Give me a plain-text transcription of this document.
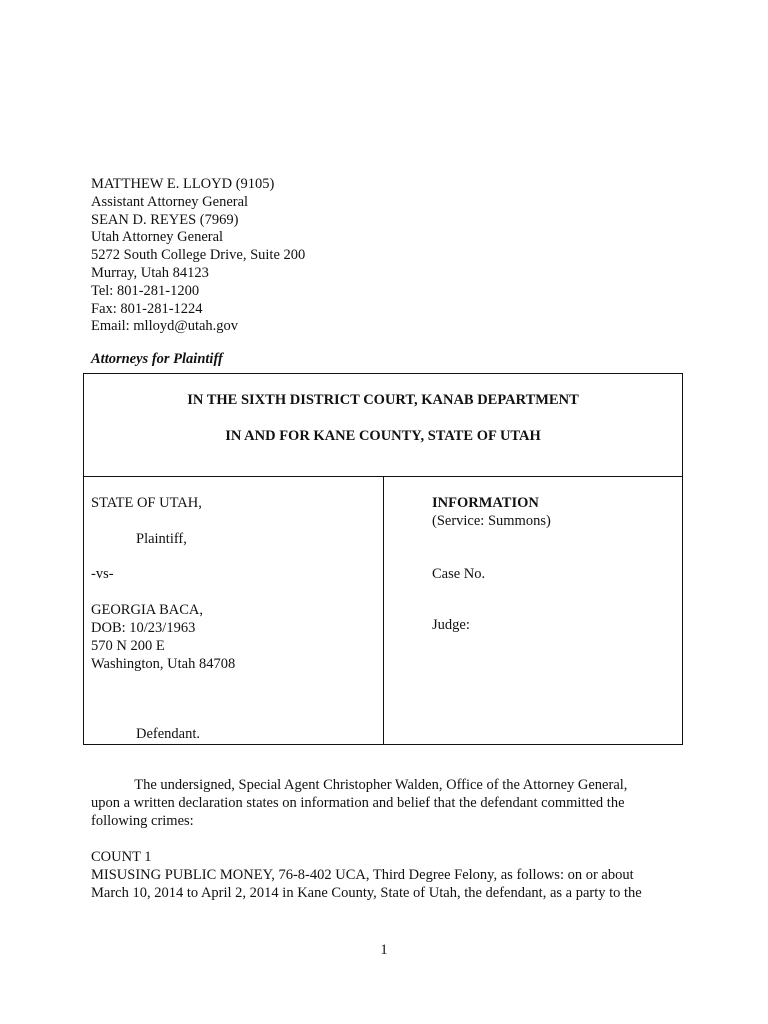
MATTHEW E. LLOYD (9105)
Assistant Attorney General
SEAN D. REYES (7969)
Utah Attorney General
5272 South College Drive, Suite 200
Murray, Utah 84123
Tel: 801-281-1200
Fax: 801-281-1224
Email: mlloyd@utah.gov
Attorneys for Plaintiff
IN THE SIXTH DISTRICT COURT, KANAB DEPARTMENT
IN AND FOR KANE COUNTY, STATE OF UTAH
STATE OF UTAH,
Plaintiff,
-vs-
GEORGIA BACA,
DOB: 10/23/1963
570 N 200 E
Washington, Utah 84708
Defendant.
INFORMATION
(Service: Summons)
Case No.
Judge:
The undersigned, Special Agent Christopher Walden, Office of the Attorney General,
upon a written declaration states on information and belief that the defendant committed the
following crimes:
COUNT 1
MISUSING PUBLIC MONEY, 76-8-402 UCA, Third Degree Felony, as follows: on or about
March 10, 2014 to April 2, 2014 in Kane County, State of Utah, the defendant, as a party to the
1
